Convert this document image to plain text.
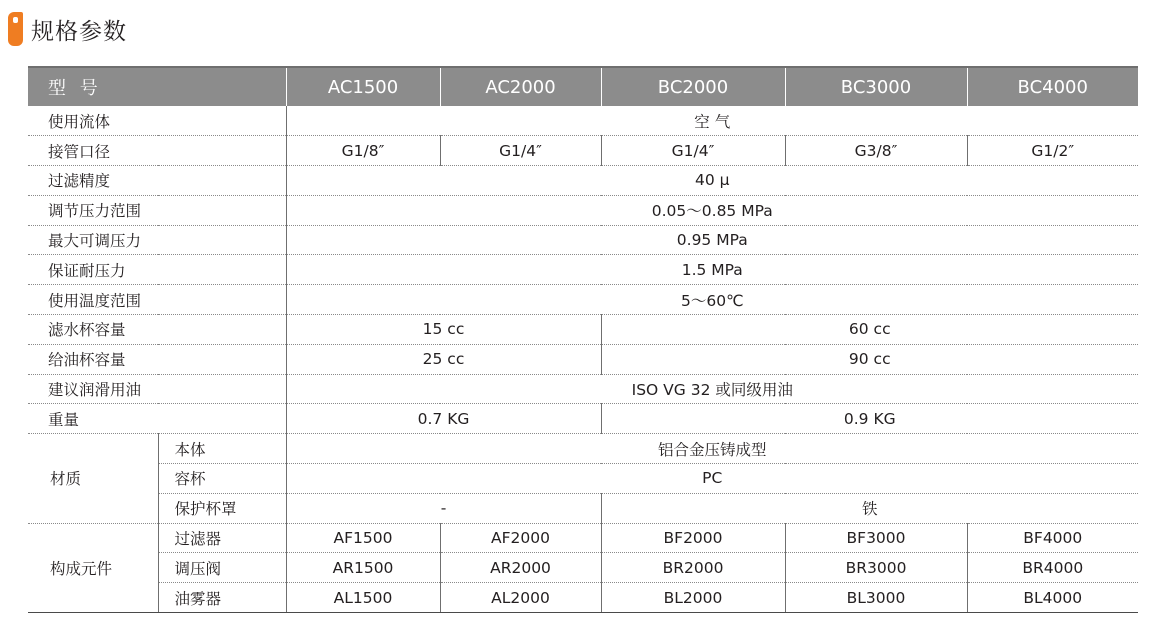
规格参数
型 号		AC1500	AC2000	BC2000	BC3000	BC4000
使用流体		空 气				
接管口径		G1/8″	G1/4″	G1/4″	G3/8″	G1/2″
过滤精度		40 μ				
调节压力范围		0.05～0.85 MPa				
最大可调压力		0.95 MPa				
保证耐压力		1.5 MPa				
使用温度范围		5～60℃				
滤水杯容量		15 cc		60 cc		
给油杯容量		25 cc		90 cc		
建议润滑用油		ISO VG 32 或同级用油				
重量		0.7 KG		0.9 KG		
材质	本体	铝合金压铸成型				
	容杯	PC				
	保护杯罩	-		铁		
构成元件	过滤器	AF1500	AF2000	BF2000	BF3000	BF4000
	调压阀	AR1500	AR2000	BR2000	BR3000	BR4000
	油雾器	AL1500	AL2000	BL2000	BL3000	BL4000
